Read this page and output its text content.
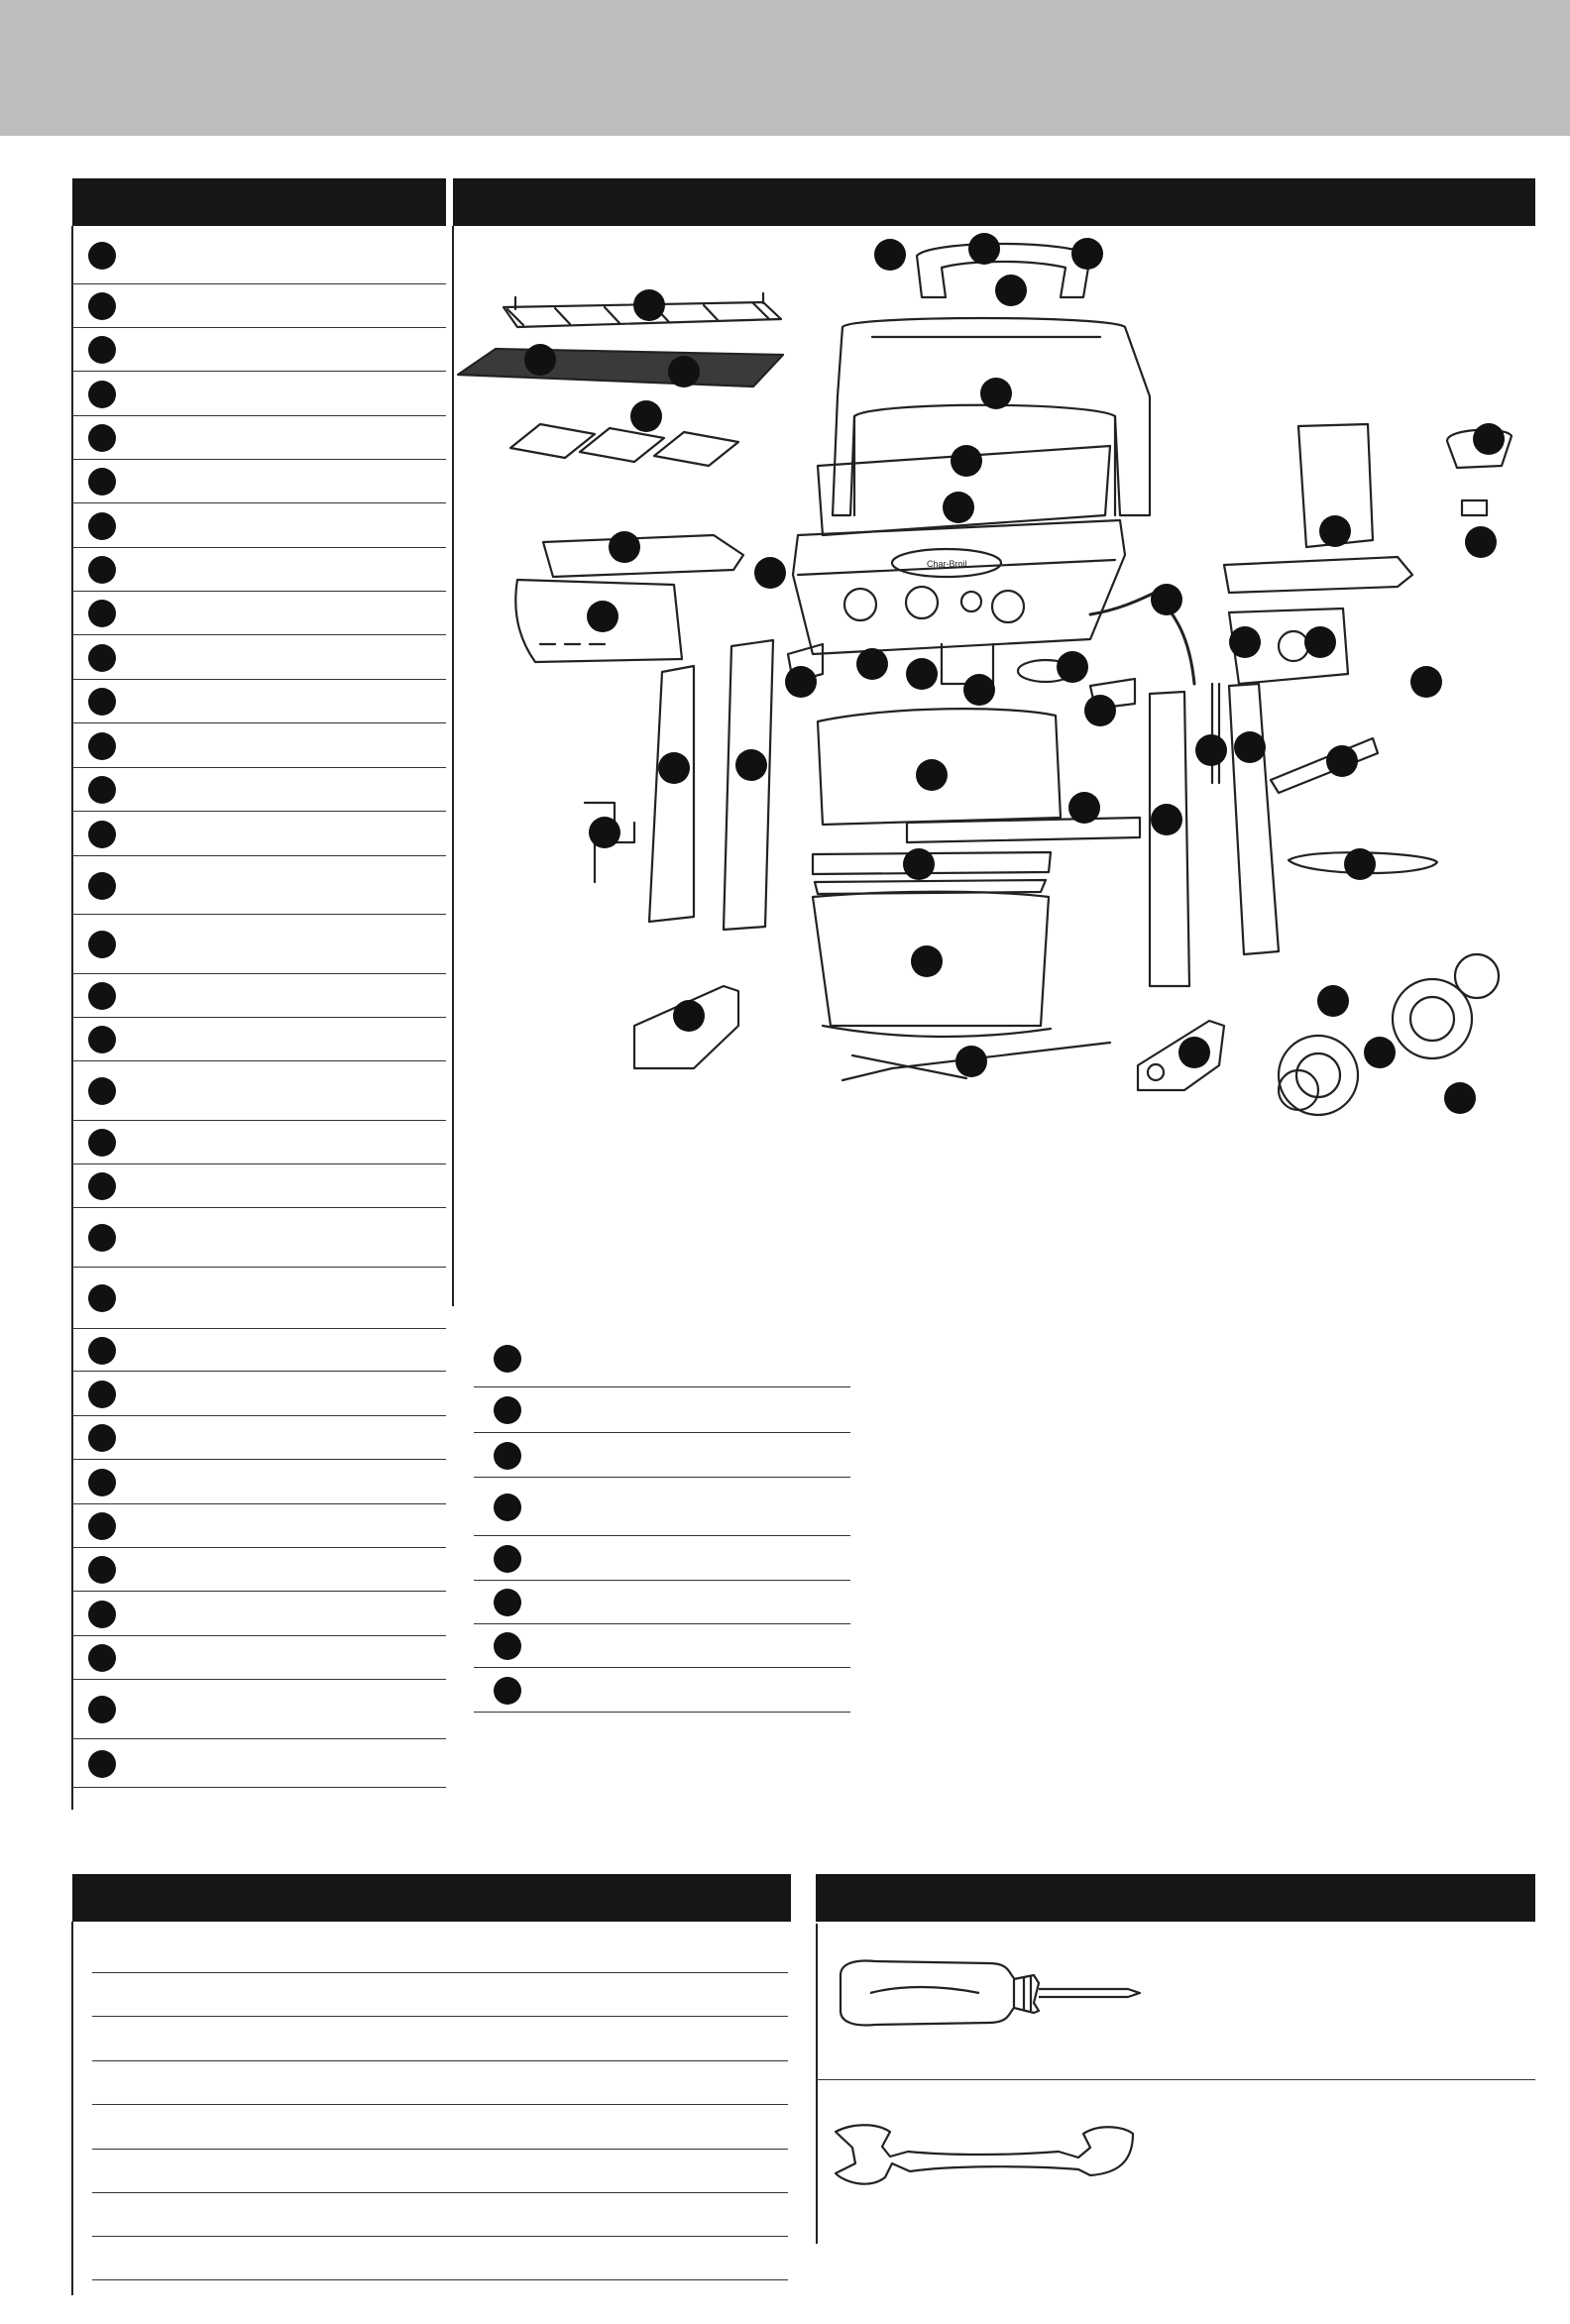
Char-Broil
